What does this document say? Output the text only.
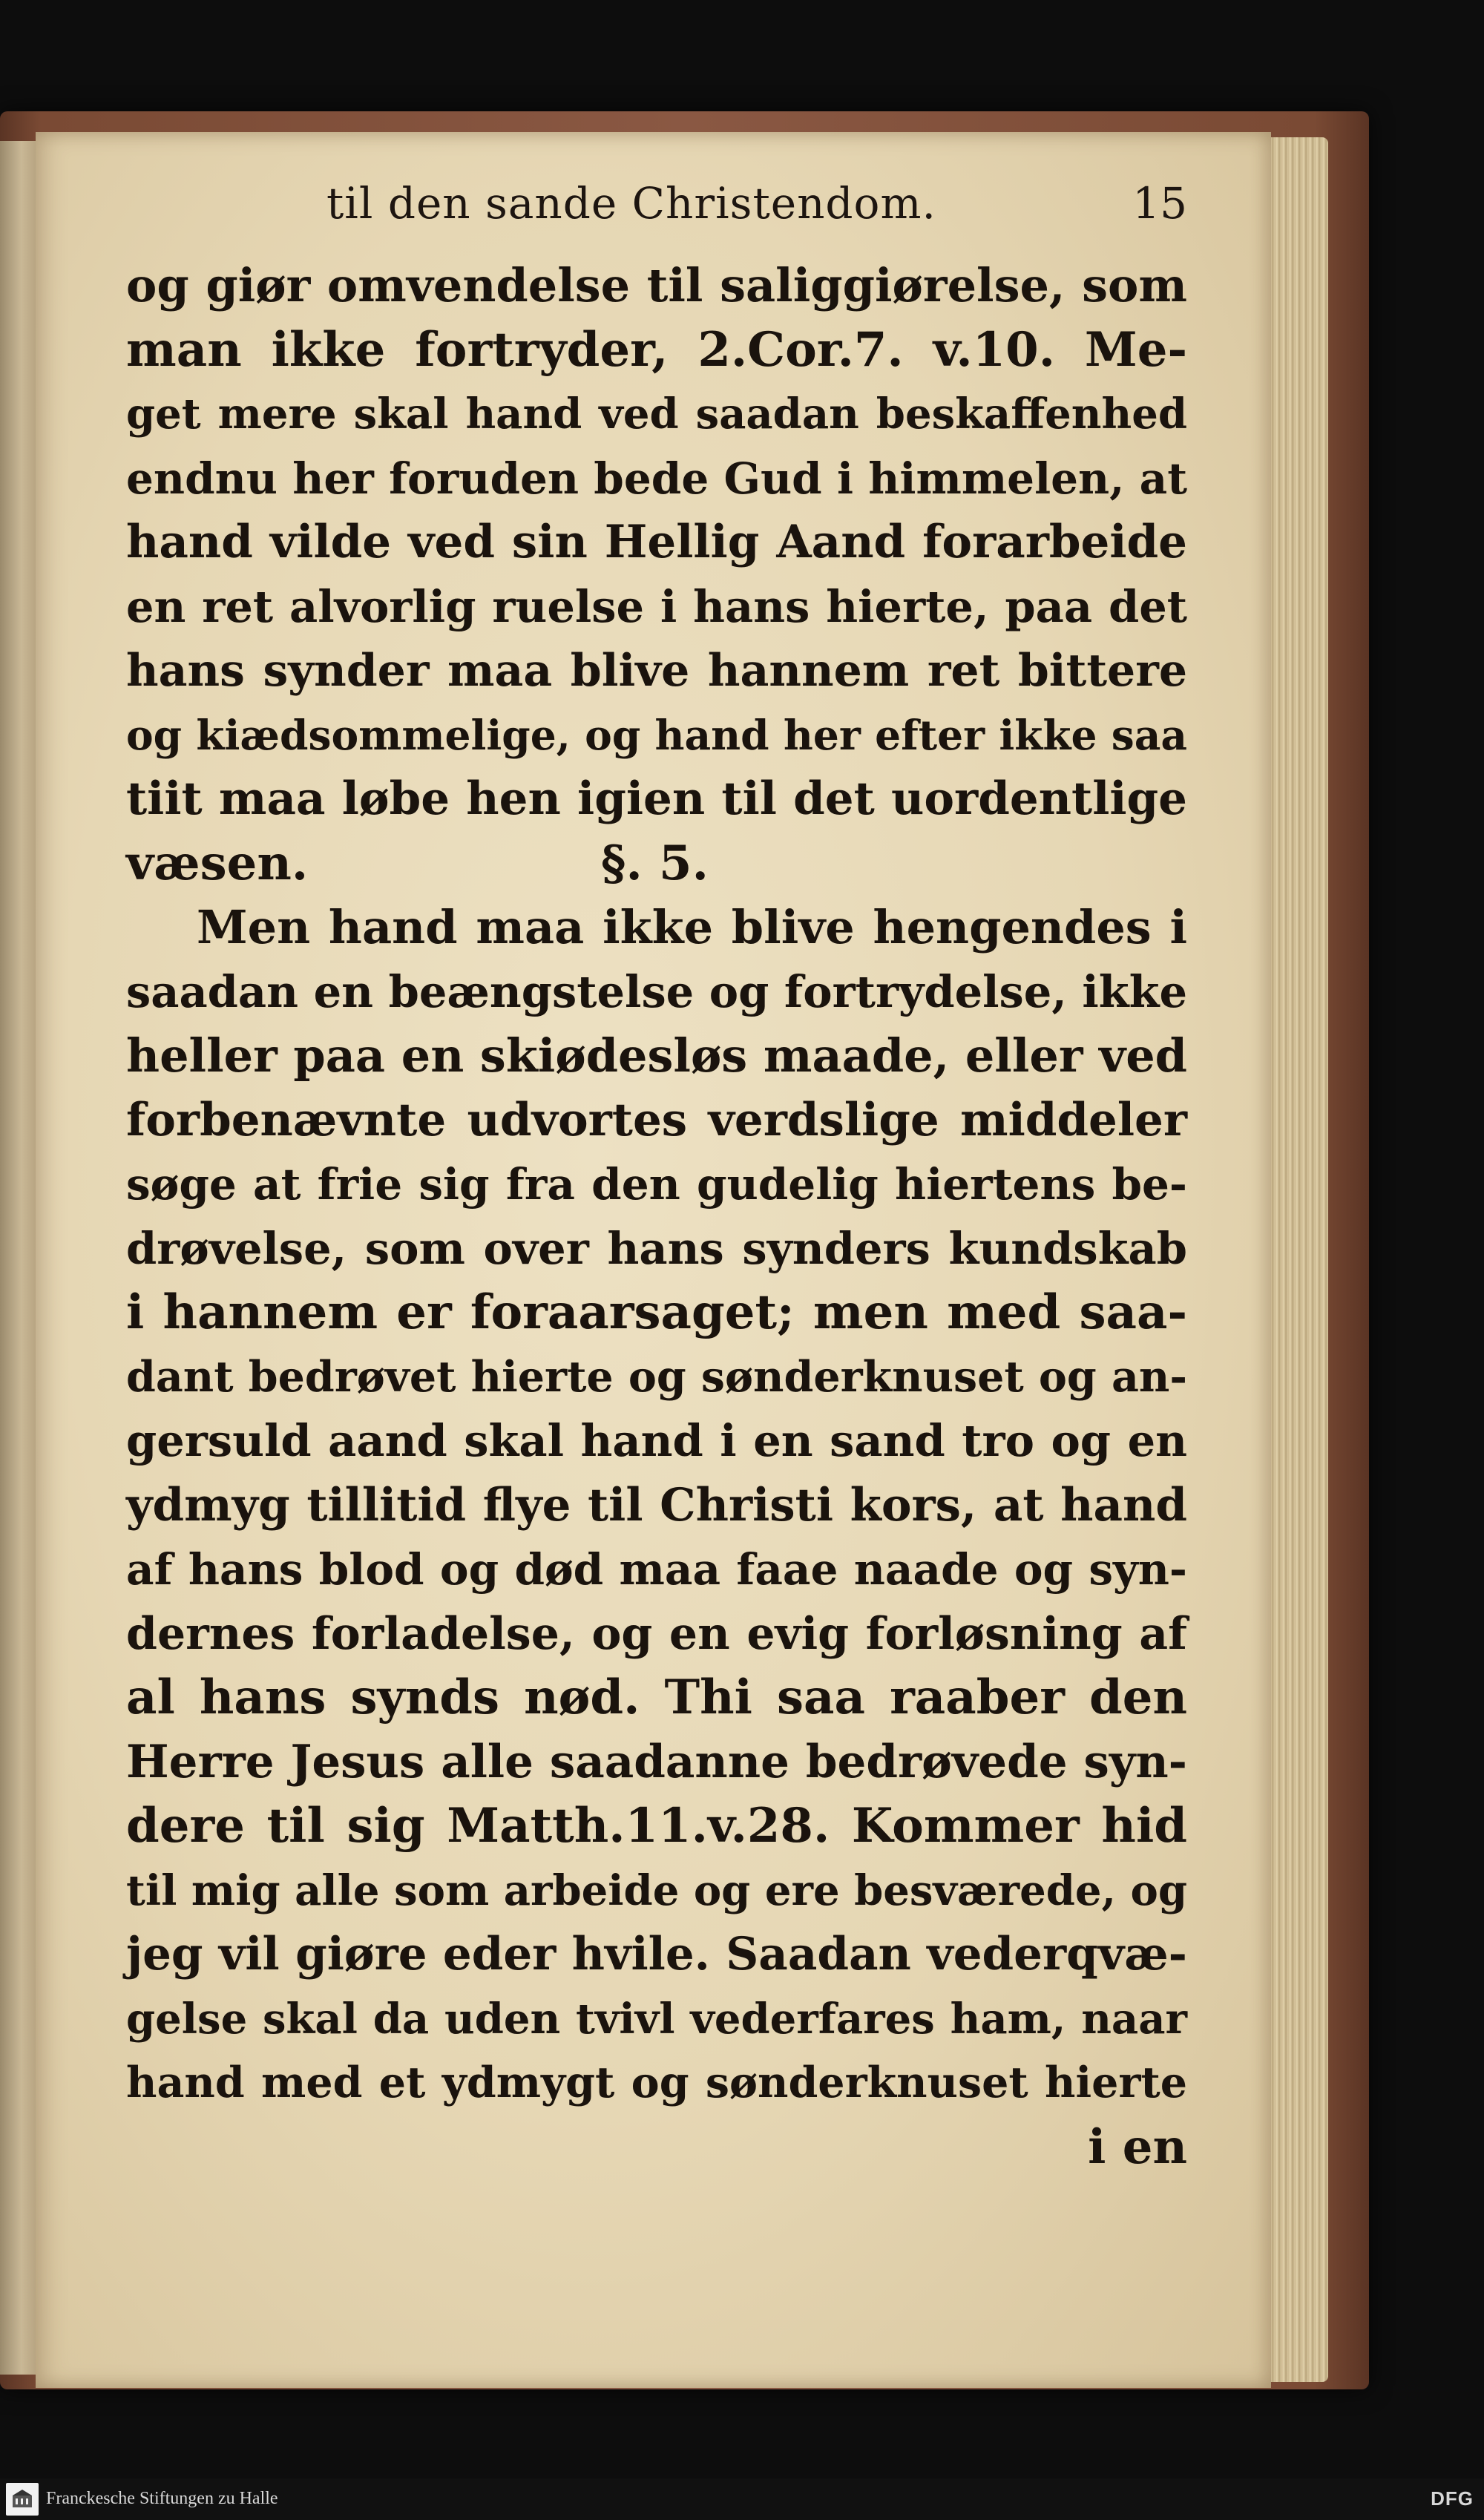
til den sande Christendom.	15
og giør omvendelse til saliggiørelse, som
man ikke fortryder, 2.Cor.7. v.10. Me-
get mere skal hand ved saadan beskaffenhed
endnu her foruden bede Gud i himmelen, at
hand vilde ved sin Hellig Aand forarbeide
en ret alvorlig ruelse i hans hierte, paa det
hans synder maa blive hannem ret bittere
og kiædsommelige, og hand her efter ikke saa
tiit maa løbe hen igien til det uordentlige
væsen.	§. 5.
Men hand maa ikke blive hengendes i
saadan en beængstelse og fortrydelse, ikke
heller paa en skiødesløs maade, eller ved
forbenævnte udvortes verdslige middeler
søge at frie sig fra den gudelig hiertens be-
drøvelse, som over hans synders kundskab
i hannem er foraarsaget; men med saa-
dant bedrøvet hierte og sønderknuset og an-
gersuld aand skal hand i en sand tro og en
ydmyg tillitid flye til Christi kors, at hand
af hans blod og død maa faae naade og syn-
dernes forladelse, og en evig forløsning af
al hans synds nød. Thi saa raaber den
Herre Jesus alle saadanne bedrøvede syn-
dere til sig Matth.11.v.28. Kommer hid
til mig alle som arbeide og ere besværede, og
jeg vil giøre eder hvile. Saadan vederqvæ-
gelse skal da uden tvivl vederfares ham, naar
hand med et ydmygt og sønderknuset hierte
i en
Franckesche Stiftungen zu Halle	DFG
